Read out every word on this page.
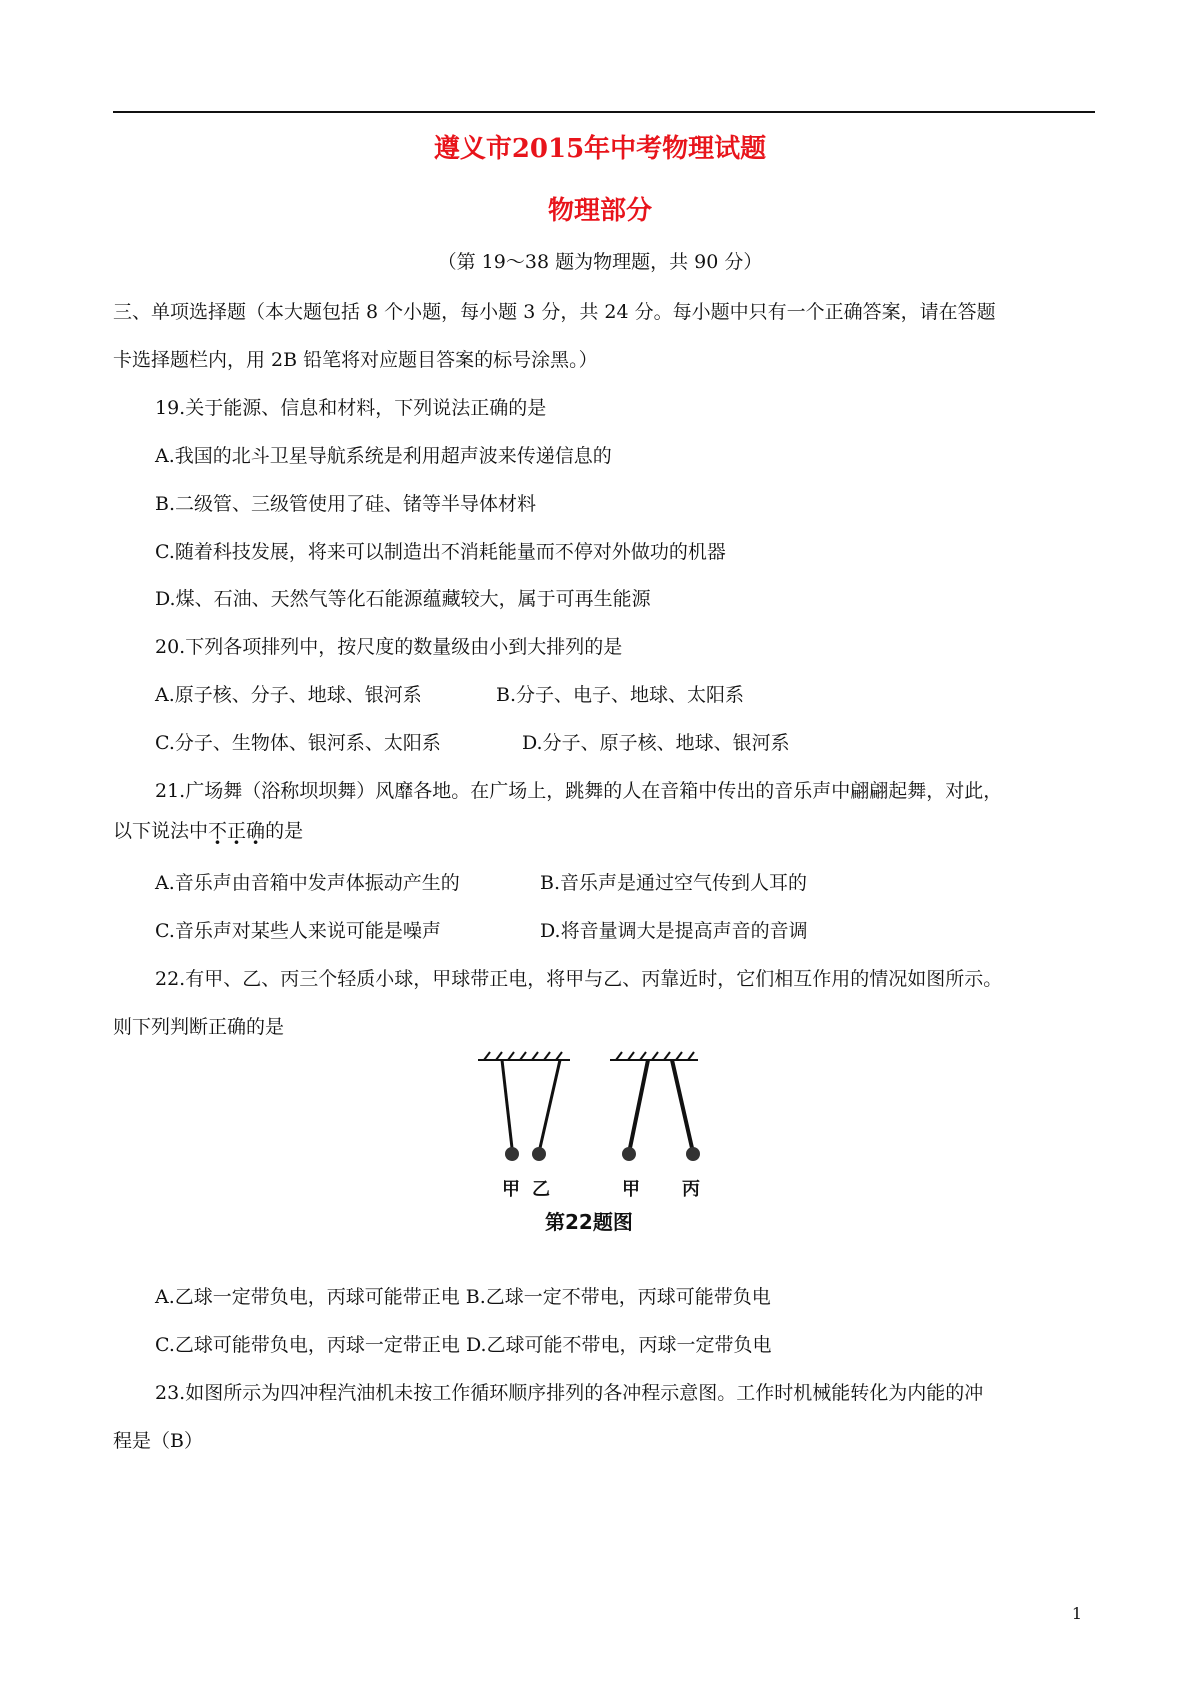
遵义市2015年中考物理试题
物理部分
（第 19～38 题为物理题，共 90 分）
三、单项选择题（本大题包括 8 个小题，每小题 3 分，共 24 分。每小题中只有一个正确答案，请在答题
卡选择题栏内，用 2B 铅笔将对应题目答案的标号涂黑。）
19.关于能源、信息和材料，下列说法正确的是
A.我国的北斗卫星导航系统是利用超声波来传递信息的
B.二级管、三级管使用了硅、锗等半导体材料
C.随着科技发展，将来可以制造出不消耗能量而不停对外做功的机器
D.煤、石油、天然气等化石能源蕴藏较大，属于可再生能源
20.下列各项排列中，按尺度的数量级由小到大排列的是
A.原子核、分子、地球、银河系	B.分子、电子、地球、太阳系
C.分子、生物体、银河系、太阳系	D.分子、原子核、地球、银河系
21.广场舞（浴称坝坝舞）风靡各地。在广场上，跳舞的人在音箱中传出的音乐声中翩翩起舞，对此，
以下说法中不正确的是
A.音乐声由音箱中发声体振动产生的	B.音乐声是通过空气传到人耳的
C.音乐声对某些人来说可能是噪声	D.将音量调大是提高声音的音调
22.有甲、乙、丙三个轻质小球，甲球带正电，将甲与乙、丙靠近时，它们相互作用的情况如图所示。
则下列判断正确的是
甲 乙	甲 丙
第22题图
A.乙球一定带负电，丙球可能带正电 B.乙球一定不带电，丙球可能带负电
C.乙球可能带负电，丙球一定带正电 D.乙球可能不带电，丙球一定带负电
23.如图所示为四冲程汽油机未按工作循环顺序排列的各冲程示意图。工作时机械能转化为内能的冲
程是（B）
1
